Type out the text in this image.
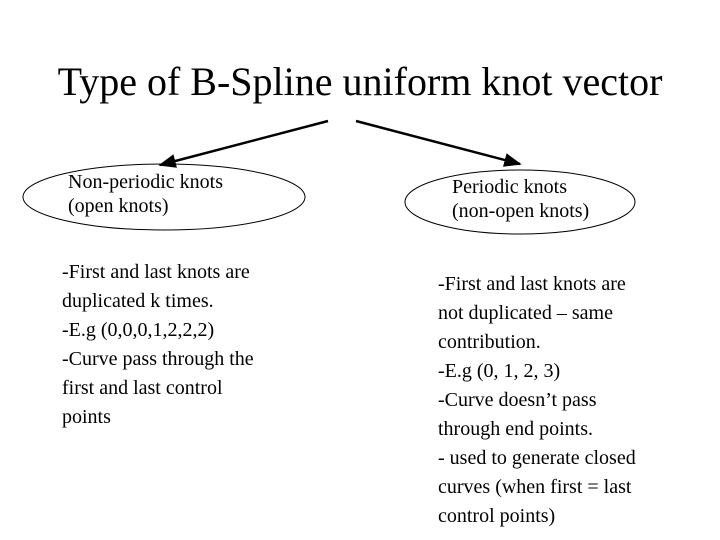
Type of B-Spline uniform knot vector
Non-periodic knots
(open knots)
Periodic knots
(non-open knots)
-First and last knots are
duplicated k times.
-E.g (0,0,0,1,2,2,2)
-Curve pass through the
first and last control
points
-First and last knots are
not duplicated – same
contribution.
-E.g (0, 1, 2, 3)
-Curve doesn’t pass
through end points.
- used to generate closed
curves (when first = last
control points)
